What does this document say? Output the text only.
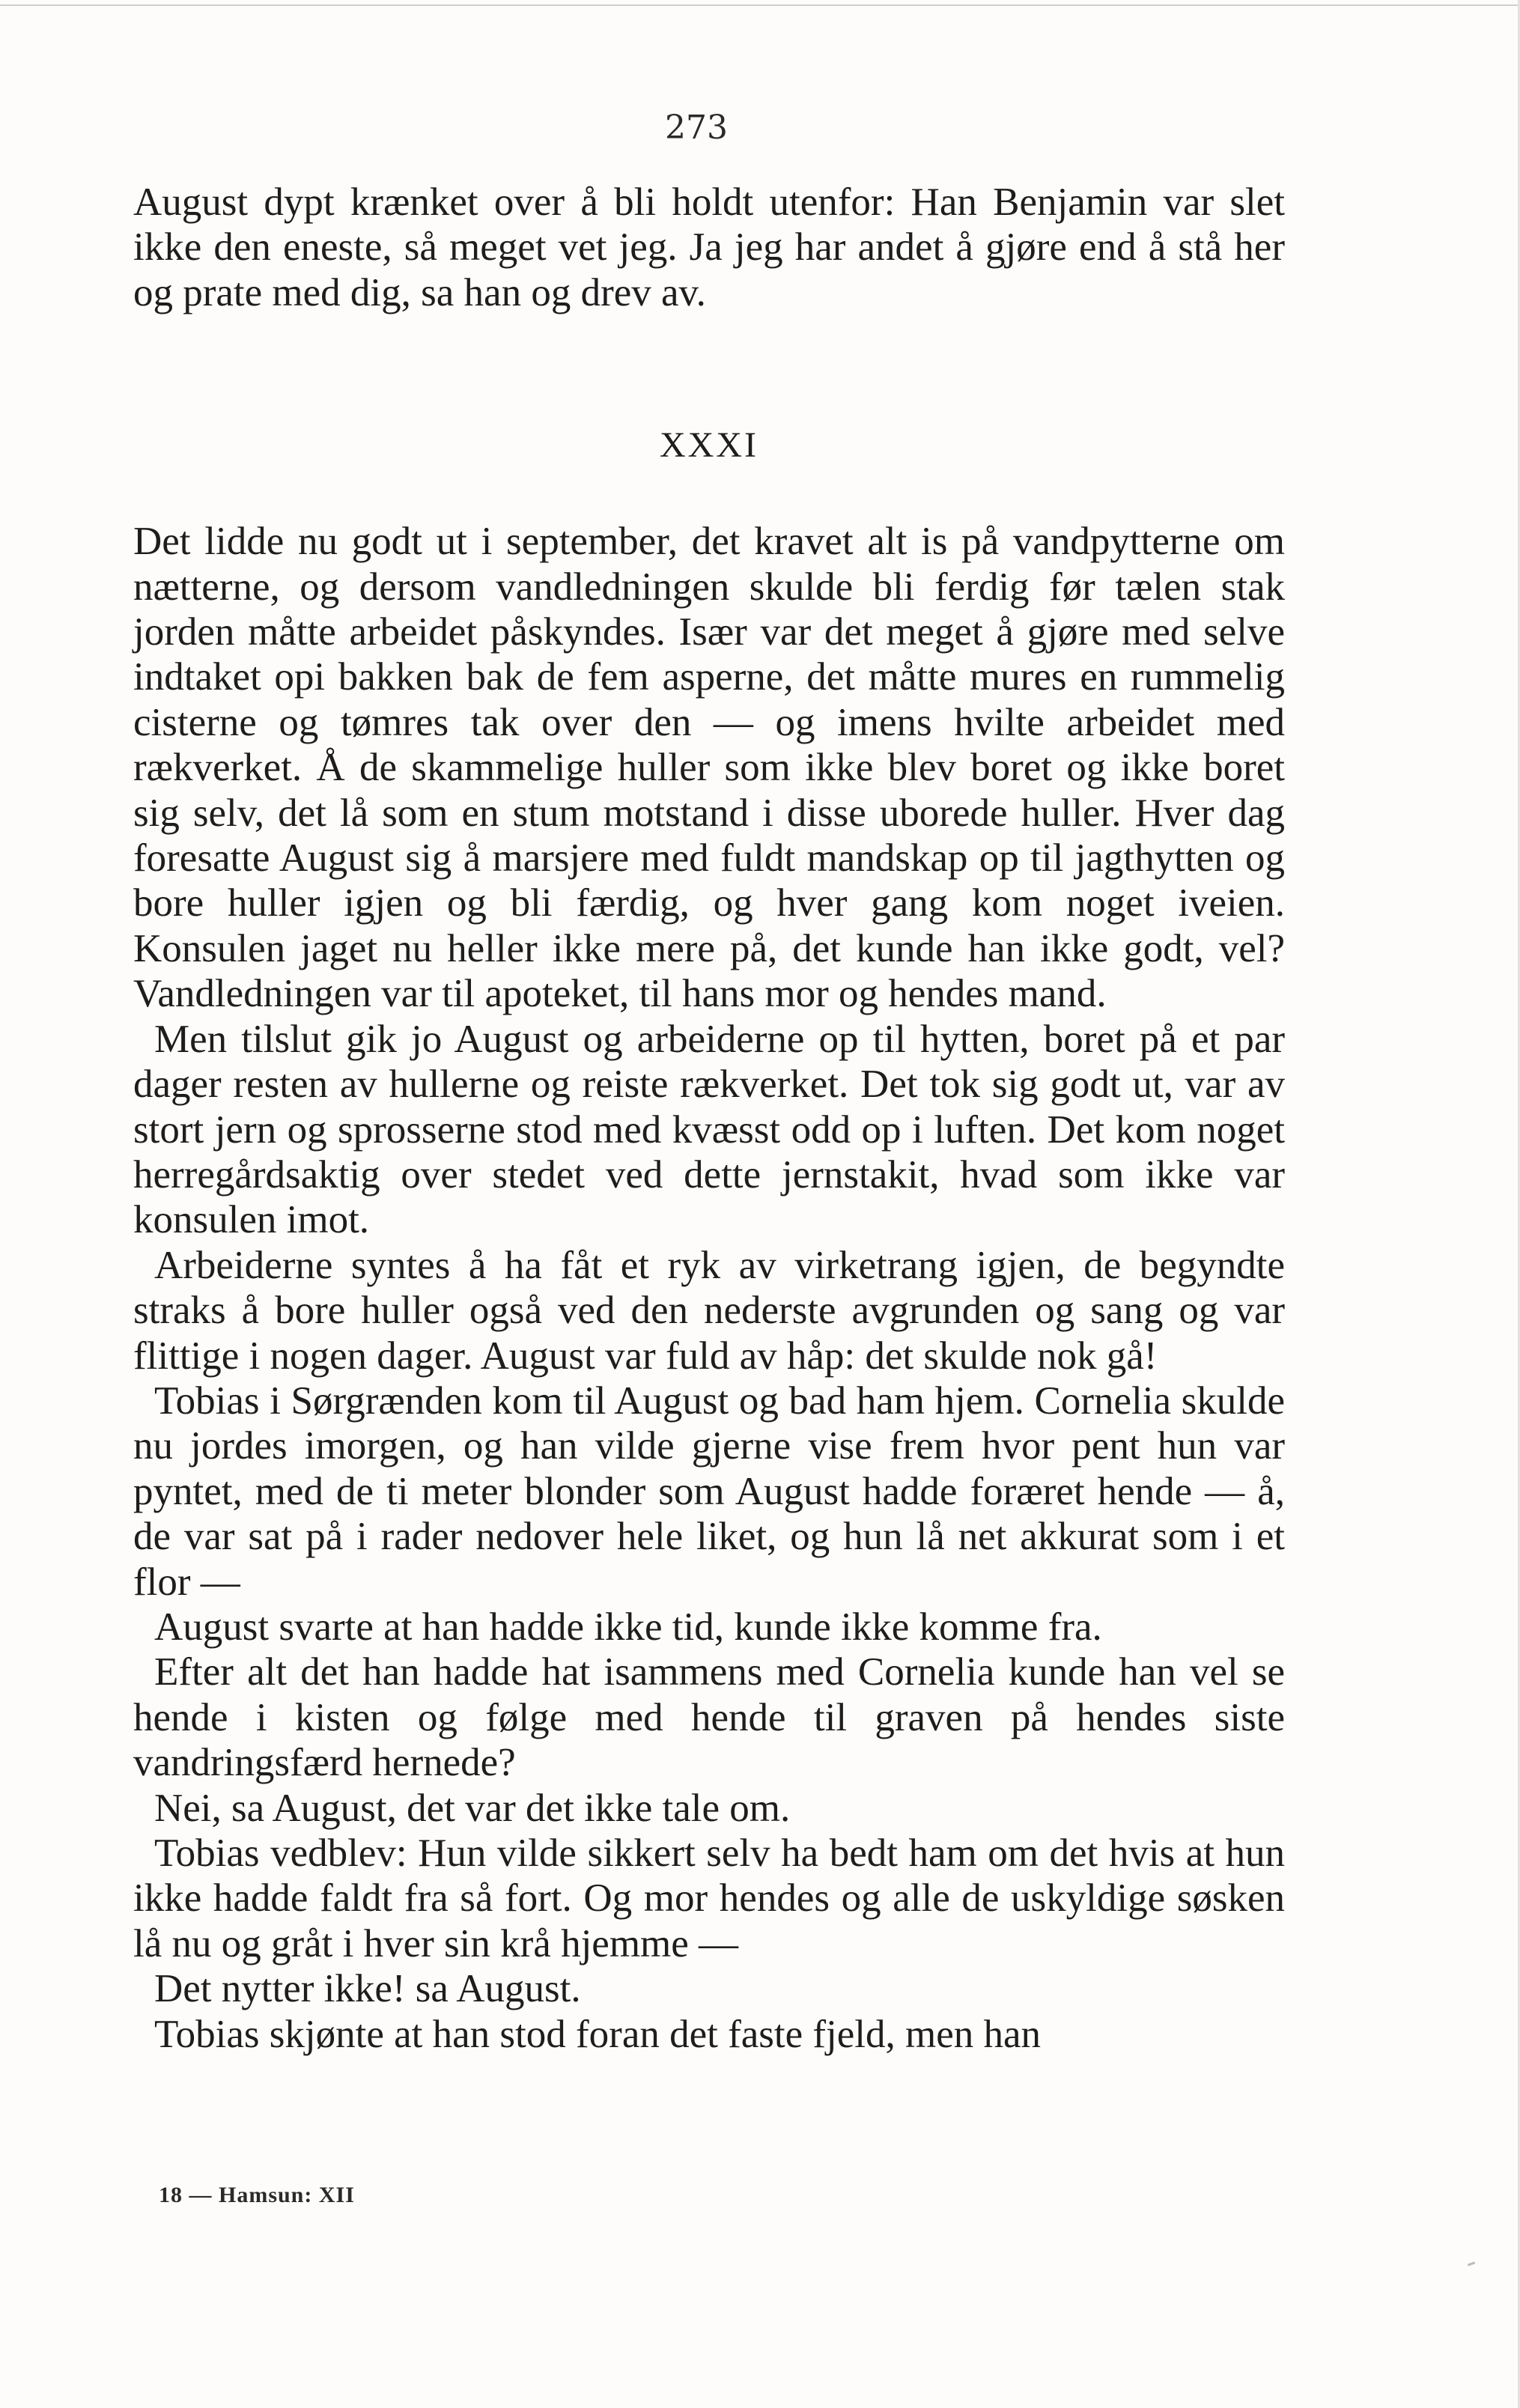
273

August dypt krænket over å bli holdt utenfor: Han Benjamin var slet ikke den eneste, så meget vet jeg. Ja jeg har andet å gjøre end å stå her og prate med dig, sa han og drev av.

XXXI

Det lidde nu godt ut i september, det kravet alt is på vandpytterne om nætterne, og dersom vandledningen skulde bli ferdig før tælen stak jorden måtte arbeidet påskyndes. Især var det meget å gjøre med selve indtaket opi bakken bak de fem asperne, det måtte mures en rummelig cisterne og tømres tak over den — og imens hvilte arbeidet med rækverket. Å de skammelige huller som ikke blev boret og ikke boret sig selv, det lå som en stum motstand i disse uborede huller. Hver dag foresatte August sig å marsjere med fuldt mandskap op til jagthytten og bore huller igjen og bli færdig, og hver gang kom noget iveien. Konsulen jaget nu heller ikke mere på, det kunde han ikke godt, vel? Vandledningen var til apoteket, til hans mor og hendes mand.

Men tilslut gik jo August og arbeiderne op til hytten, boret på et par dager resten av hullerne og reiste rækverket. Det tok sig godt ut, var av stort jern og sprosserne stod med kvæsst odd op i luften. Det kom noget herregårdsaktig over stedet ved dette jernstakit, hvad som ikke var konsulen imot.

Arbeiderne syntes å ha fåt et ryk av virketrang igjen, de begyndte straks å bore huller også ved den nederste avgrunden og sang og var flittige i nogen dager. August var fuld av håp: det skulde nok gå!

Tobias i Sørgrænden kom til August og bad ham hjem. Cornelia skulde nu jordes imorgen, og han vilde gjerne vise frem hvor pent hun var pyntet, med de ti meter blonder som August hadde foræret hende — å, de var sat på i rader nedover hele liket, og hun lå net akkurat som i et flor —

August svarte at han hadde ikke tid, kunde ikke komme fra.

Efter alt det han hadde hat isammens med Cornelia kunde han vel se hende i kisten og følge med hende til graven på hendes siste vandringsfærd hernede?

Nei, sa August, det var det ikke tale om.

Tobias vedblev: Hun vilde sikkert selv ha bedt ham om det hvis at hun ikke hadde faldt fra så fort. Og mor hendes og alle de uskyldige søsken lå nu og gråt i hver sin krå hjemme —

Det nytter ikke! sa August.

Tobias skjønte at han stod foran det faste fjeld, men han

18 — Hamsun: XII
